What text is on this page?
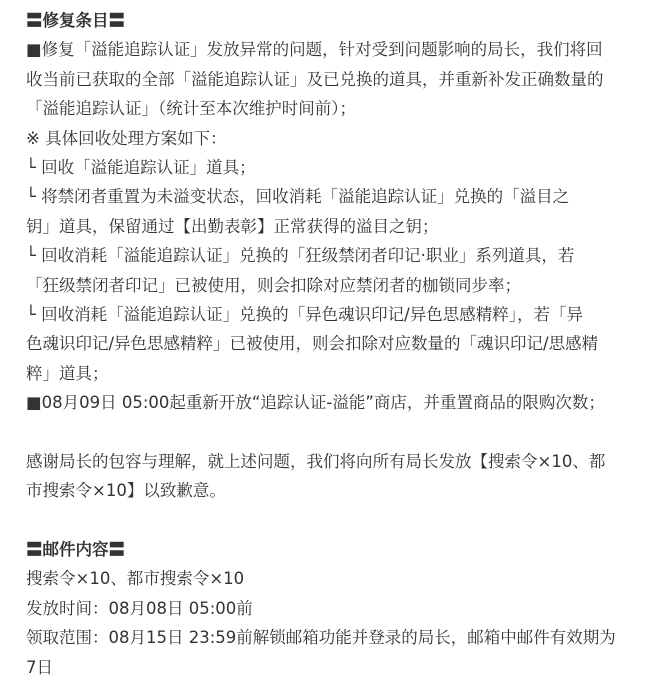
〓修复条目〓
■修复「溢能追踪认证」发放异常的问题，针对受到问题影响的局长，我们将回
收当前已获取的全部「溢能追踪认证」及已兑换的道具，并重新补发正确数量的
「溢能追踪认证」（统计至本次维护时间前）；
※ 具体回收处理方案如下：
└ 回收「溢能追踪认证」道具；
└ 将禁闭者重置为未溢变状态，回收消耗「溢能追踪认证」兑换的「溢目之
钥」道具，保留通过【出勤表彰】正常获得的溢目之钥；
└ 回收消耗「溢能追踪认证」兑换的「狂级禁闭者印记·职业」系列道具，若
「狂级禁闭者印记」已被使用，则会扣除对应禁闭者的枷锁同步率；
└ 回收消耗「溢能追踪认证」兑换的「异色魂识印记/异色思感精粹」，若「异
色魂识印记/异色思感精粹」已被使用，则会扣除对应数量的「魂识印记/思感精
粹」道具；
■08月09日 05:00起重新开放“追踪认证-溢能”商店，并重置商品的限购次数；
感谢局长的包容与理解，就上述问题，我们将向所有局长发放【搜索令×10、都
市搜索令×10】以致歉意。
〓邮件内容〓
搜索令×10、都市搜索令×10
发放时间：08月08日 05:00前
领取范围：08月15日 23:59前解锁邮箱功能并登录的局长，邮箱中邮件有效期为
7日
